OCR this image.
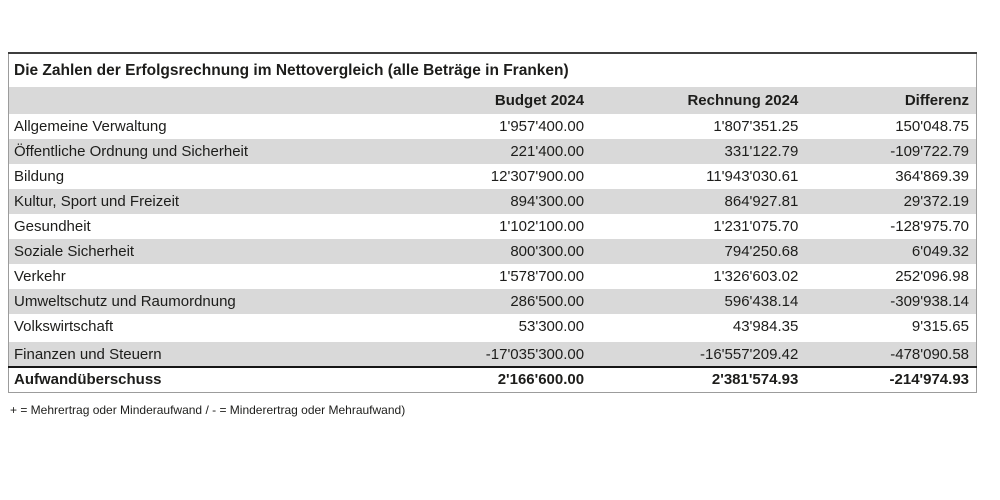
Die Zahlen der Erfolgsrechnung im Nettovergleich (alle Beträge in Franken)			
	Budget 2024	Rechnung 2024	Differenz
Allgemeine Verwaltung	1'957'400.00	1'807'351.25	150'048.75
Öffentliche Ordnung und Sicherheit	221'400.00	331'122.79	-109'722.79
Bildung	12'307'900.00	11'943'030.61	364'869.39
Kultur, Sport und Freizeit	894'300.00	864'927.81	29'372.19
Gesundheit	1'102'100.00	1'231'075.70	-128'975.70
Soziale Sicherheit	800'300.00	794'250.68	6'049.32
Verkehr	1'578'700.00	1'326'603.02	252'096.98
Umweltschutz und Raumordnung	286'500.00	596'438.14	-309'938.14
Volkswirtschaft	53'300.00	43'984.35	9'315.65

Finanzen und Steuern	-17'035'300.00	-16'557'209.42	-478'090.58
Aufwandüberschuss	2'166'600.00	2'381'574.93	-214'974.93
+ = Mehrertrag oder Minderaufwand / - = Minderertrag oder Mehraufwand)
